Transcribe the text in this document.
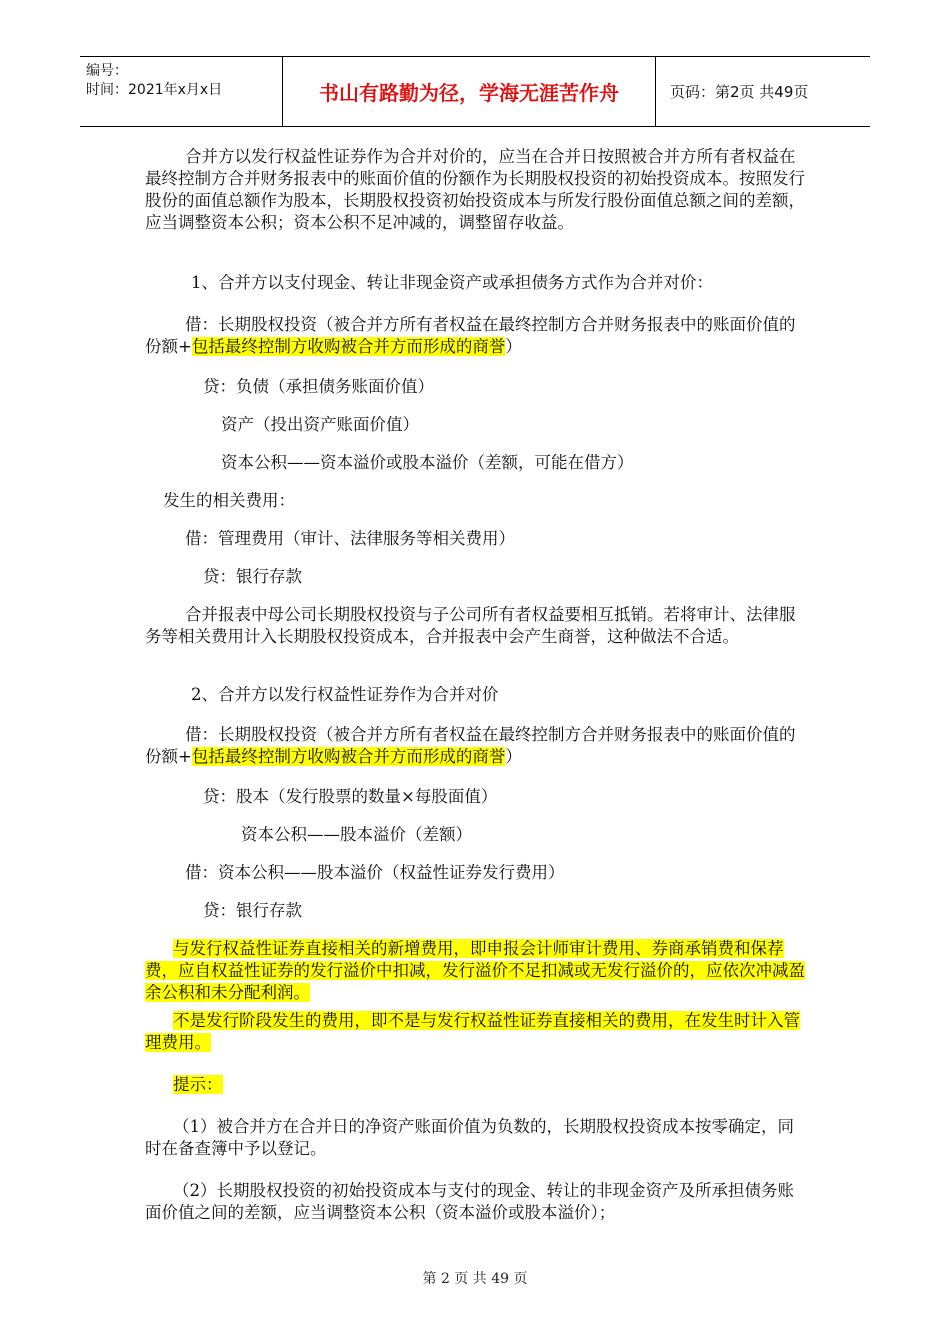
编号：
时间：2021年x月x日	书山有路勤为径，学海无涯苦作舟	页码：第2页 共49页

合并方以发行权益性证券作为合并对价的，应当在合并日按照被合并方所有者权益在最终控制方合并财务报表中的账面价值的份额作为长期股权投资的初始投资成本。按照发行股份的面值总额作为股本，长期股权投资初始投资成本与所发行股份面值总额之间的差额，应当调整资本公积；资本公积不足冲减的，调整留存收益。

1、合并方以支付现金、转让非现金资产或承担债务方式作为合并对价：

借：长期股权投资（被合并方所有者权益在最终控制方合并财务报表中的账面价值的份额+包括最终控制方收购被合并方而形成的商誉）

贷：负债（承担债务账面价值）

资产（投出资产账面价值）

资本公积——资本溢价或股本溢价（差额，可能在借方）

发生的相关费用：

借：管理费用（审计、法律服务等相关费用）

贷：银行存款

合并报表中母公司长期股权投资与子公司所有者权益要相互抵销。若将审计、法律服务等相关费用计入长期股权投资成本，合并报表中会产生商誉，这种做法不合适。

2、合并方以发行权益性证券作为合并对价

借：长期股权投资（被合并方所有者权益在最终控制方合并财务报表中的账面价值的份额+包括最终控制方收购被合并方而形成的商誉）

贷：股本（发行股票的数量×每股面值）

资本公积——股本溢价（差额）

借：资本公积——股本溢价（权益性证券发行费用）

贷：银行存款

与发行权益性证券直接相关的新增费用，即申报会计师审计费用、券商承销费和保荐费，应自权益性证券的发行溢价中扣减，发行溢价不足扣减或无发行溢价的，应依次冲减盈余公积和未分配利润。

不是发行阶段发生的费用，即不是与发行权益性证券直接相关的费用，在发生时计入管理费用。

提示：

（1）被合并方在合并日的净资产账面价值为负数的，长期股权投资成本按零确定，同时在备查簿中予以登记。

（2）长期股权投资的初始投资成本与支付的现金、转让的非现金资产及所承担债务账面价值之间的差额，应当调整资本公积（资本溢价或股本溢价）；

第 2 页 共 49 页
